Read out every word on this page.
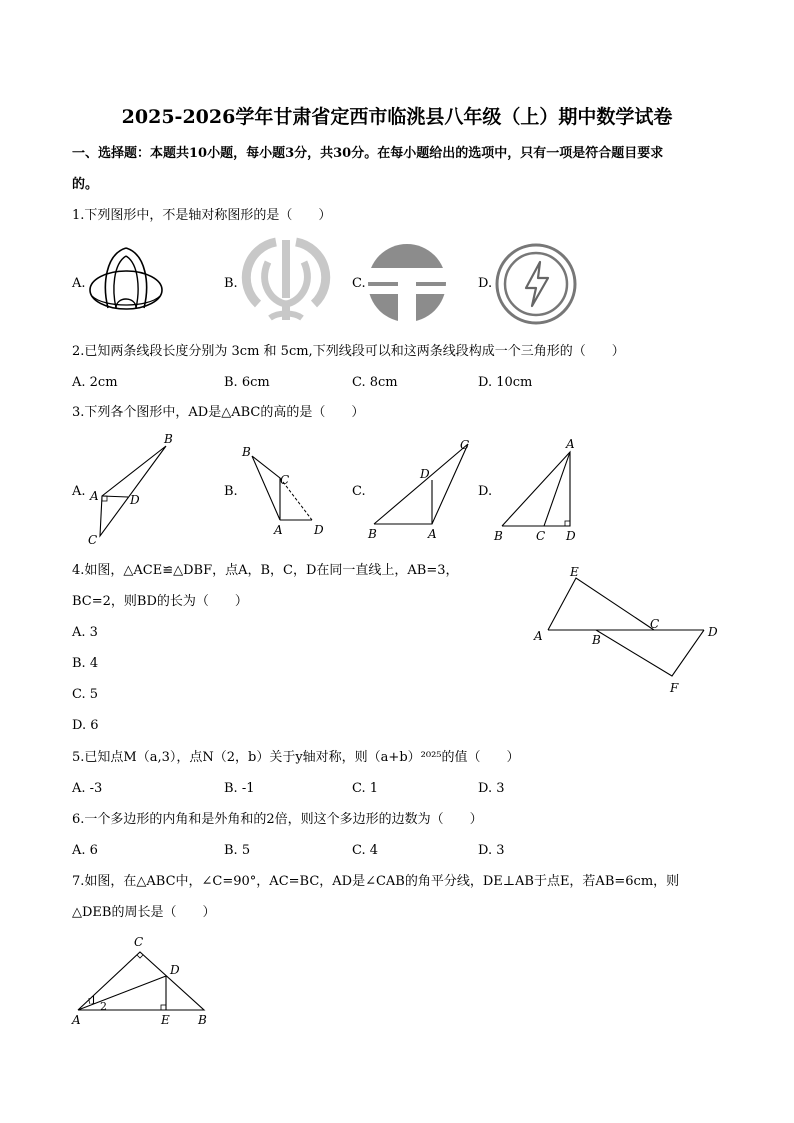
2025-2026学年甘肃省定西市临洮县八年级（上）期中数学试卷
一、选择题：本题共10小题，每小题3分，共30分。在每小题给出的选项中，只有一项是符合题目要求
的。
1.下列图形中，不是轴对称图形的是（　　）
A.	B.	C.	D.
2.已知两条线段长度分别为 3cm 和 5cm,下列线段可以和这两条线段构成一个三角形的（　　）
A. 2cm	B. 6cm	C. 8cm	D. 10cm
3.下列各个图形中，AD是△ABC的高的是（　　）
A.	B.	C.	D.
B
A	D
C
B
C
A	D
C
D
B	A
A
B	C D
4.如图，△ACE≌△DBF，点A，B，C，D在同一直线上，AB=3，
BC=2，则BD的长为（　　）
A. 3
B. 4
C. 5
D. 6
E
A	B
C
D
F
5.已知点M（a,3），点N（2，b）关于y轴对称，则（a+b）²⁰²⁵的值（　　）
A. -3	B. -1	C. 1	D. 3
6.一个多边形的内角和是外角和的2倍，则这个多边形的边数为（　　）
A. 6	B. 5	C. 4	D. 3
7.如图，在△ABC中，∠C=90°，AC=BC，AD是∠CAB的角平分线，DE⊥AB于点E，若AB=6cm，则
△DEB的周长是（　　）
C
D
A
1 2
E B
